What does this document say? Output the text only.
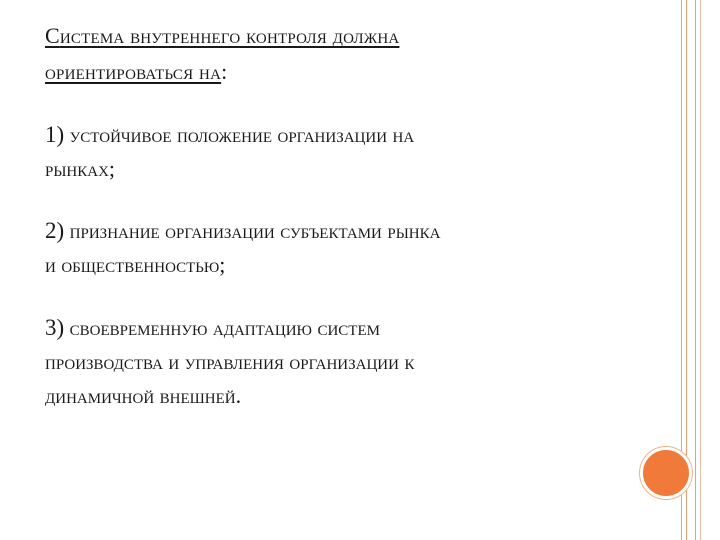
Система внутреннего контроля должна
ориентироваться на:

1) устойчивое положение организации на
рынках;

2) признание организации субъектами рынка
и общественностью;

3) своевременную адаптацию систем
производства и управления организации к
динамичной внешней.
